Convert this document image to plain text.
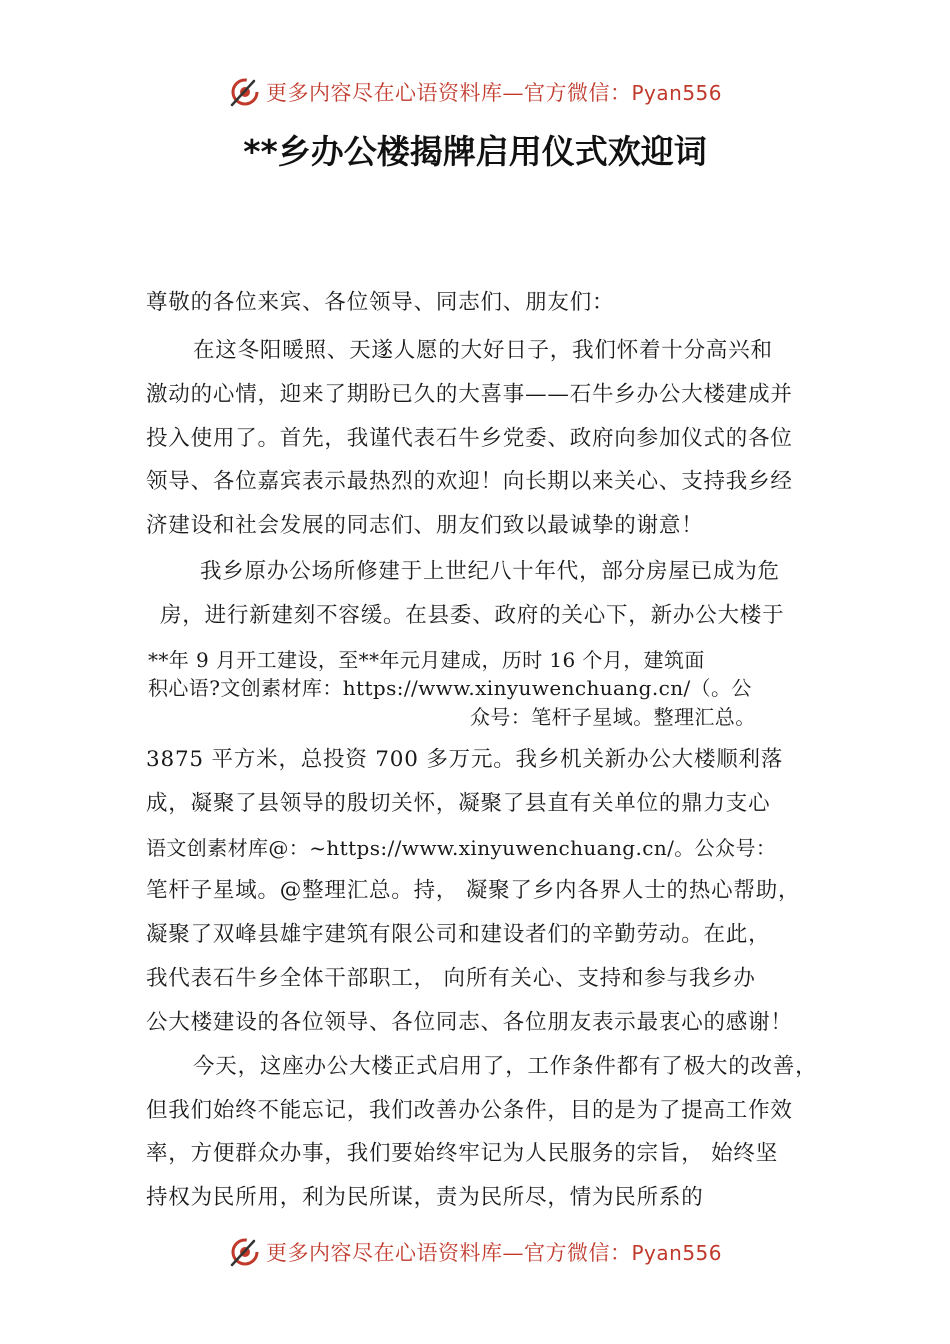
更多内容尽在心语资料库—官方微信：Pyan556
**乡办公楼揭牌启用仪式欢迎词
尊敬的各位来宾、各位领导、同志们、朋友们：
在这冬阳暖照、天遂人愿的大好日子，我们怀着十分高兴和
激动的心情，迎来了期盼已久的大喜事——石牛乡办公大楼建成并
投入使用了。首先，我谨代表石牛乡党委、政府向参加仪式的各位
领导、各位嘉宾表示最热烈的欢迎！向长期以来关心、支持我乡经
济建设和社会发展的同志们、朋友们致以最诚挚的谢意！
我乡原办公场所修建于上世纪八十年代，部分房屋已成为危
房，进行新建刻不容缓。在县委、政府的关心下，新办公大楼于
**年 9 月开工建设，至**年元月建成，历时 16 个月，建筑面
积心语?文创素材库：https://www.xinyuwenchuang.cn/（。公
众号：笔杆子星域。整理汇总。
3875 平方米，总投资 700 多万元。我乡机关新办公大楼顺利落
成，凝聚了县领导的殷切关怀，凝聚了县直有关单位的鼎力支心
语文创素材库@：~https://www.xinyuwenchuang.cn/。公众号：
笔杆子星域。@整理汇总。持， 凝聚了乡内各界人士的热心帮助，
凝聚了双峰县雄宇建筑有限公司和建设者们的辛勤劳动。在此，
我代表石牛乡全体干部职工， 向所有关心、支持和参与我乡办
公大楼建设的各位领导、各位同志、各位朋友表示最衷心的感谢！
今天，这座办公大楼正式启用了，工作条件都有了极大的改善，
但我们始终不能忘记，我们改善办公条件，目的是为了提高工作效
率，方便群众办事，我们要始终牢记为人民服务的宗旨， 始终坚
持权为民所用，利为民所谋，责为民所尽，情为民所系的
更多内容尽在心语资料库—官方微信：Pyan556
